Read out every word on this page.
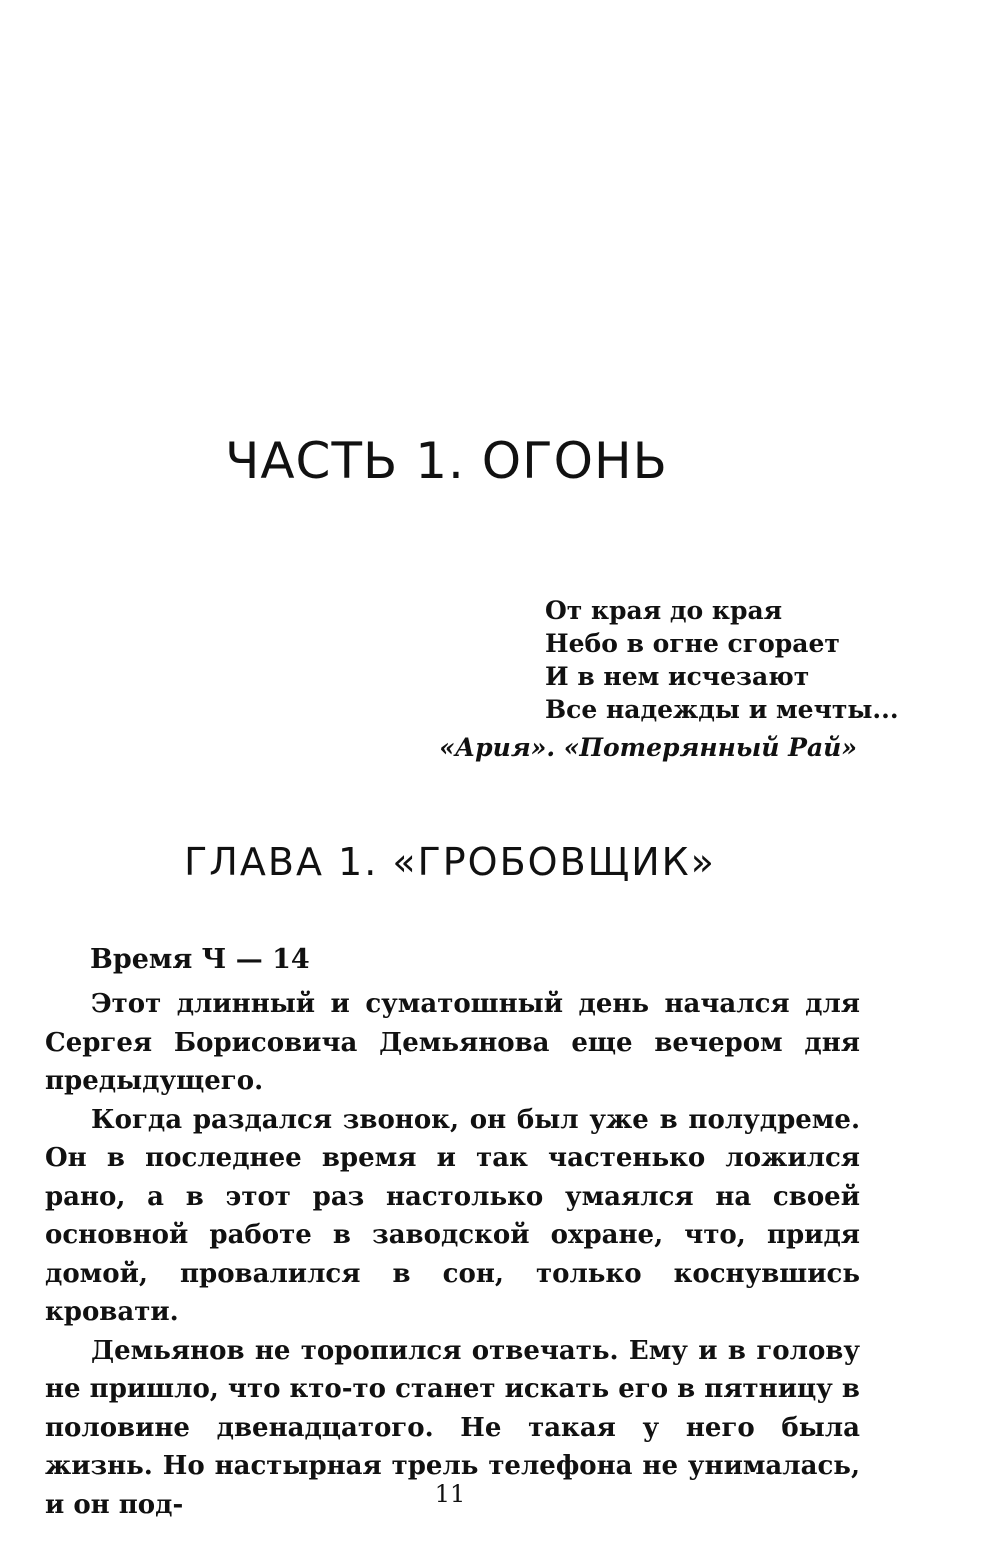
ЧАСТЬ 1. ОГОНЬ
От края до края
Небо в огне сгорает
И в нем исчезают
Все надежды и мечты...
«Ария». «Потерянный Рай»
ГЛАВА 1. «ГРОБОВЩИК»
Время Ч — 14

Этот длинный и суматошный день начался для Сергея Борисовича Демьянова еще вечером дня предыдущего.

Когда раздался звонок, он был уже в полудреме. Он в последнее время и так частенько ложился рано, а в этот раз настолько умаялся на своей основной работе в заводской охране, что, придя домой, провалился в сон, только коснувшись кровати.

Демьянов не торопился отвечать. Ему и в голову не пришло, что кто-то станет искать его в пятницу в половине двенадцатого. Не такая у него была жизнь. Но настырная трель телефона не унималась, и он под-	11
